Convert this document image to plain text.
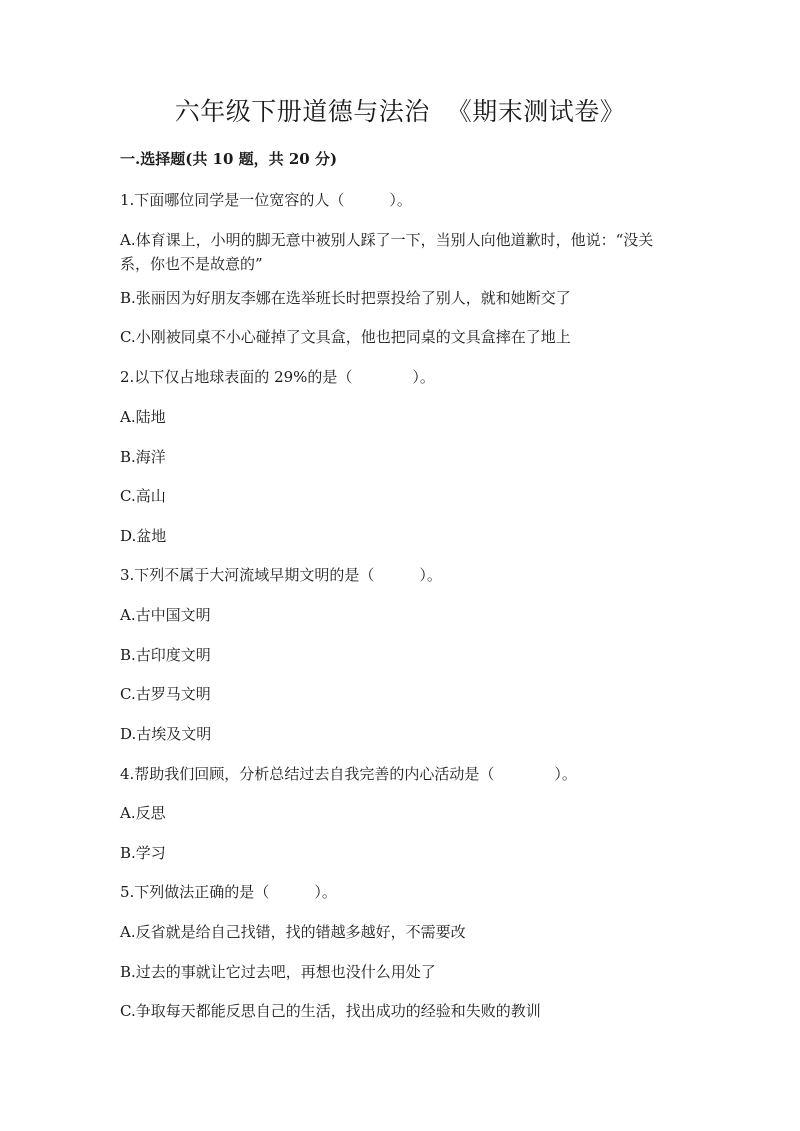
六年级下册道德与法治  《期末测试卷》
一.选择题(共 10 题，共 20 分)
1.下面哪位同学是一位宽容的人（　　　）。
A.体育课上，小明的脚无意中被别人踩了一下，当别人向他道歉时，他说：“没关系，你也不是故意的”
B.张丽因为好朋友李娜在选举班长时把票投给了别人，就和她断交了
C.小刚被同桌不小心碰掉了文具盒，他也把同桌的文具盒摔在了地上
2.以下仅占地球表面的 29%的是（　　　　）。
A.陆地
B.海洋
C.高山
D.盆地
3.下列不属于大河流域早期文明的是（　　　）。
A.古中国文明
B.古印度文明
C.古罗马文明
D.古埃及文明
4.帮助我们回顾，分析总结过去自我完善的内心活动是（　　　　）。
A.反思
B.学习
5.下列做法正确的是（　　　）。
A.反省就是给自己找错，找的错越多越好，不需要改
B.过去的事就让它过去吧，再想也没什么用处了
C.争取每天都能反思自己的生活，找出成功的经验和失败的教训
